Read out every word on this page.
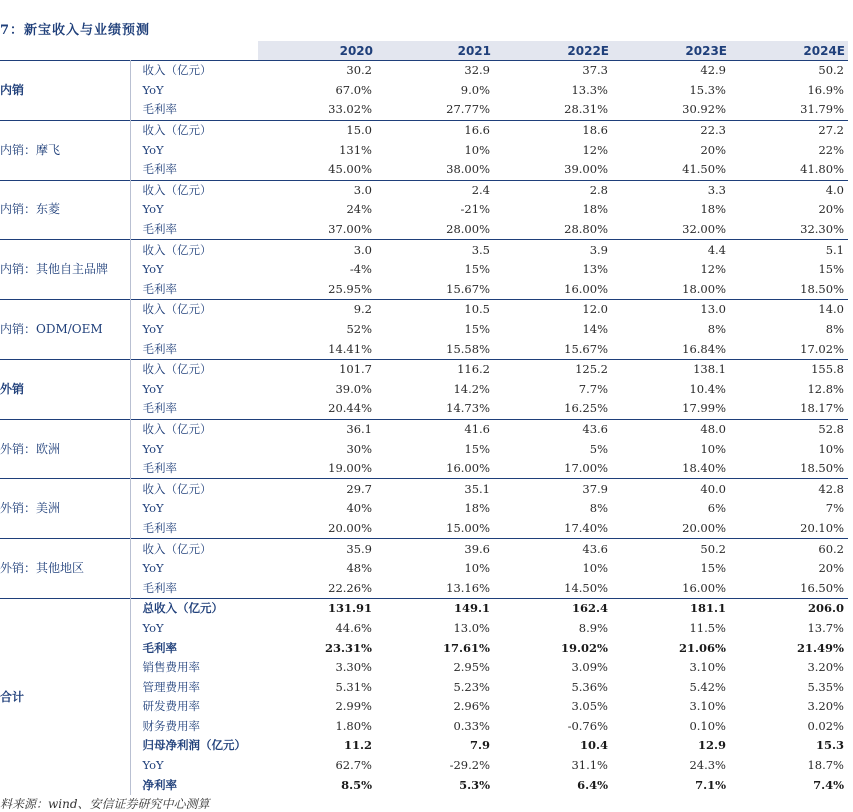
7：新宝收入与业绩预测
		2020	2021	2022E	2023E	2024E
内销	收入（亿元）	30.2	32.9	37.3	42.9	50.2
	YoY	67.0%	9.0%	13.3%	15.3%	16.9%
	毛利率	33.02%	27.77%	28.31%	30.92%	31.79%
内销：摩飞	收入（亿元）	15.0	16.6	18.6	22.3	27.2
	YoY	131%	10%	12%	20%	22%
	毛利率	45.00%	38.00%	39.00%	41.50%	41.80%
内销：东菱	收入（亿元）	3.0	2.4	2.8	3.3	4.0
	YoY	24%	-21%	18%	18%	20%
	毛利率	37.00%	28.00%	28.80%	32.00%	32.30%
内销：其他自主品牌	收入（亿元）	3.0	3.5	3.9	4.4	5.1
	YoY	-4%	15%	13%	12%	15%
	毛利率	25.95%	15.67%	16.00%	18.00%	18.50%
内销：ODM/OEM	收入（亿元）	9.2	10.5	12.0	13.0	14.0
	YoY	52%	15%	14%	8%	8%
	毛利率	14.41%	15.58%	15.67%	16.84%	17.02%
外销	收入（亿元）	101.7	116.2	125.2	138.1	155.8
	YoY	39.0%	14.2%	7.7%	10.4%	12.8%
	毛利率	20.44%	14.73%	16.25%	17.99%	18.17%
外销：欧洲	收入（亿元）	36.1	41.6	43.6	48.0	52.8
	YoY	30%	15%	5%	10%	10%
	毛利率	19.00%	16.00%	17.00%	18.40%	18.50%
外销：美洲	收入（亿元）	29.7	35.1	37.9	40.0	42.8
	YoY	40%	18%	8%	6%	7%
	毛利率	20.00%	15.00%	17.40%	20.00%	20.10%
外销：其他地区	收入（亿元）	35.9	39.6	43.6	50.2	60.2
	YoY	48%	10%	10%	15%	20%
	毛利率	22.26%	13.16%	14.50%	16.00%	16.50%
合计	总收入（亿元）	131.91	149.1	162.4	181.1	206.0
	YoY	44.6%	13.0%	8.9%	11.5%	13.7%
	毛利率	23.31%	17.61%	19.02%	21.06%	21.49%
	销售费用率	3.30%	2.95%	3.09%	3.10%	3.20%
	管理费用率	5.31%	5.23%	5.36%	5.42%	5.35%
	研发费用率	2.99%	2.96%	3.05%	3.10%	3.20%
	财务费用率	1.80%	0.33%	-0.76%	0.10%	0.02%
	归母净利润（亿元）	11.2	7.9	10.4	12.9	15.3
	YoY	62.7%	-29.2%	31.1%	24.3%	18.7%
	净利率	8.5%	5.3%	6.4%	7.1%	7.4%
料来源：wind、安信证券研究中心测算
